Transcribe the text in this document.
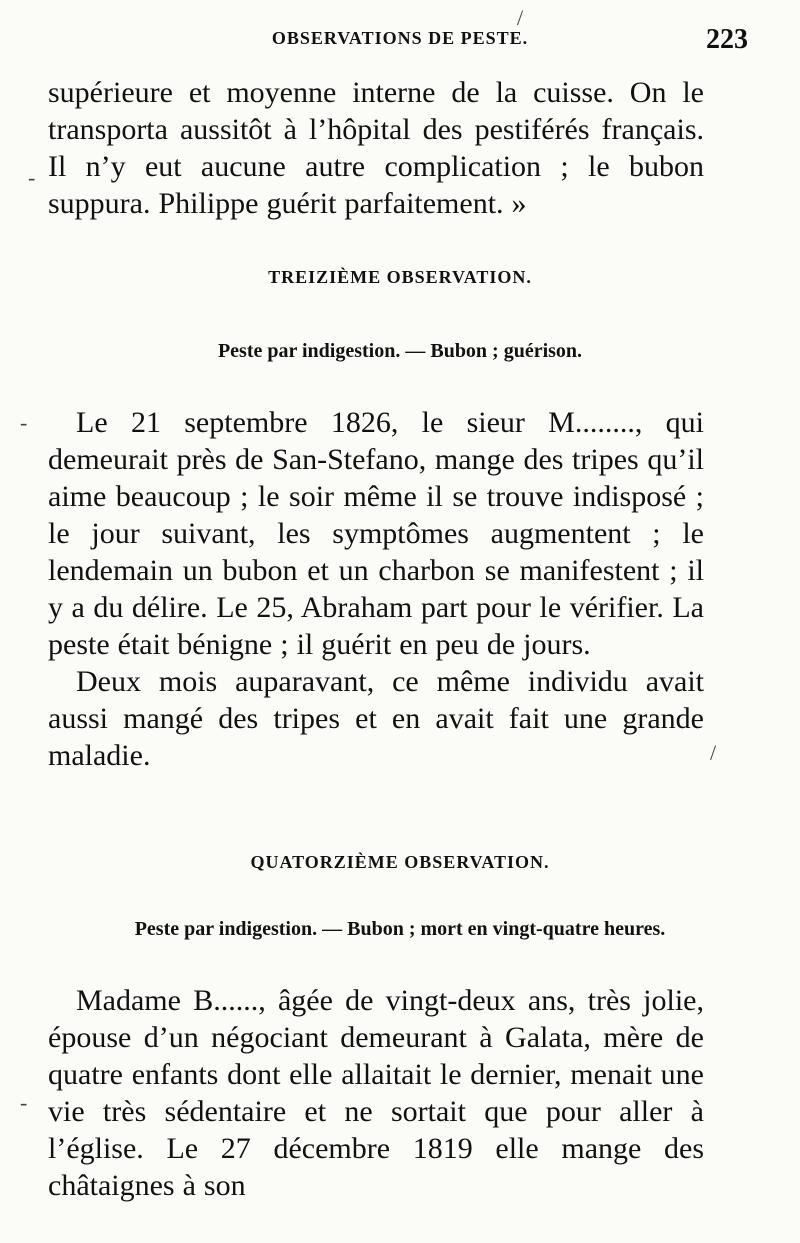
OBSERVATIONS DE PESTE.	223

supérieure et moyenne interne de la cuisse. On le transporta aussitôt à l’hôpital des pestiférés français. Il n’y eut aucune autre complication ; le bubon suppura. Philippe guérit parfaitement. »

TREIZIÈME OBSERVATION.
Peste par indigestion. — Bubon ; guérison.

Le 21 septembre 1826, le sieur M........, qui demeurait près de San-Stefano, mange des tripes qu’il aime beaucoup ; le soir même il se trouve indisposé ; le jour suivant, les symptômes augmentent ; le lendemain un bubon et un charbon se manifestent ; il y a du délire. Le 25, Abraham part pour le vérifier. La peste était bénigne ; il guérit en peu de jours.

Deux mois auparavant, ce même individu avait aussi mangé des tripes et en avait fait une grande maladie.

QUATORZIÈME OBSERVATION.
Peste par indigestion. — Bubon ; mort en vingt-quatre heures.

Madame B......, âgée de vingt-deux ans, très jolie, épouse d’un négociant demeurant à Galata, mère de quatre enfants dont elle allaitait le dernier, menait une vie très sédentaire et ne sortait que pour aller à l’église. Le 27 décembre 1819 elle mange des châtaignes à son

/
-
-
/
-
